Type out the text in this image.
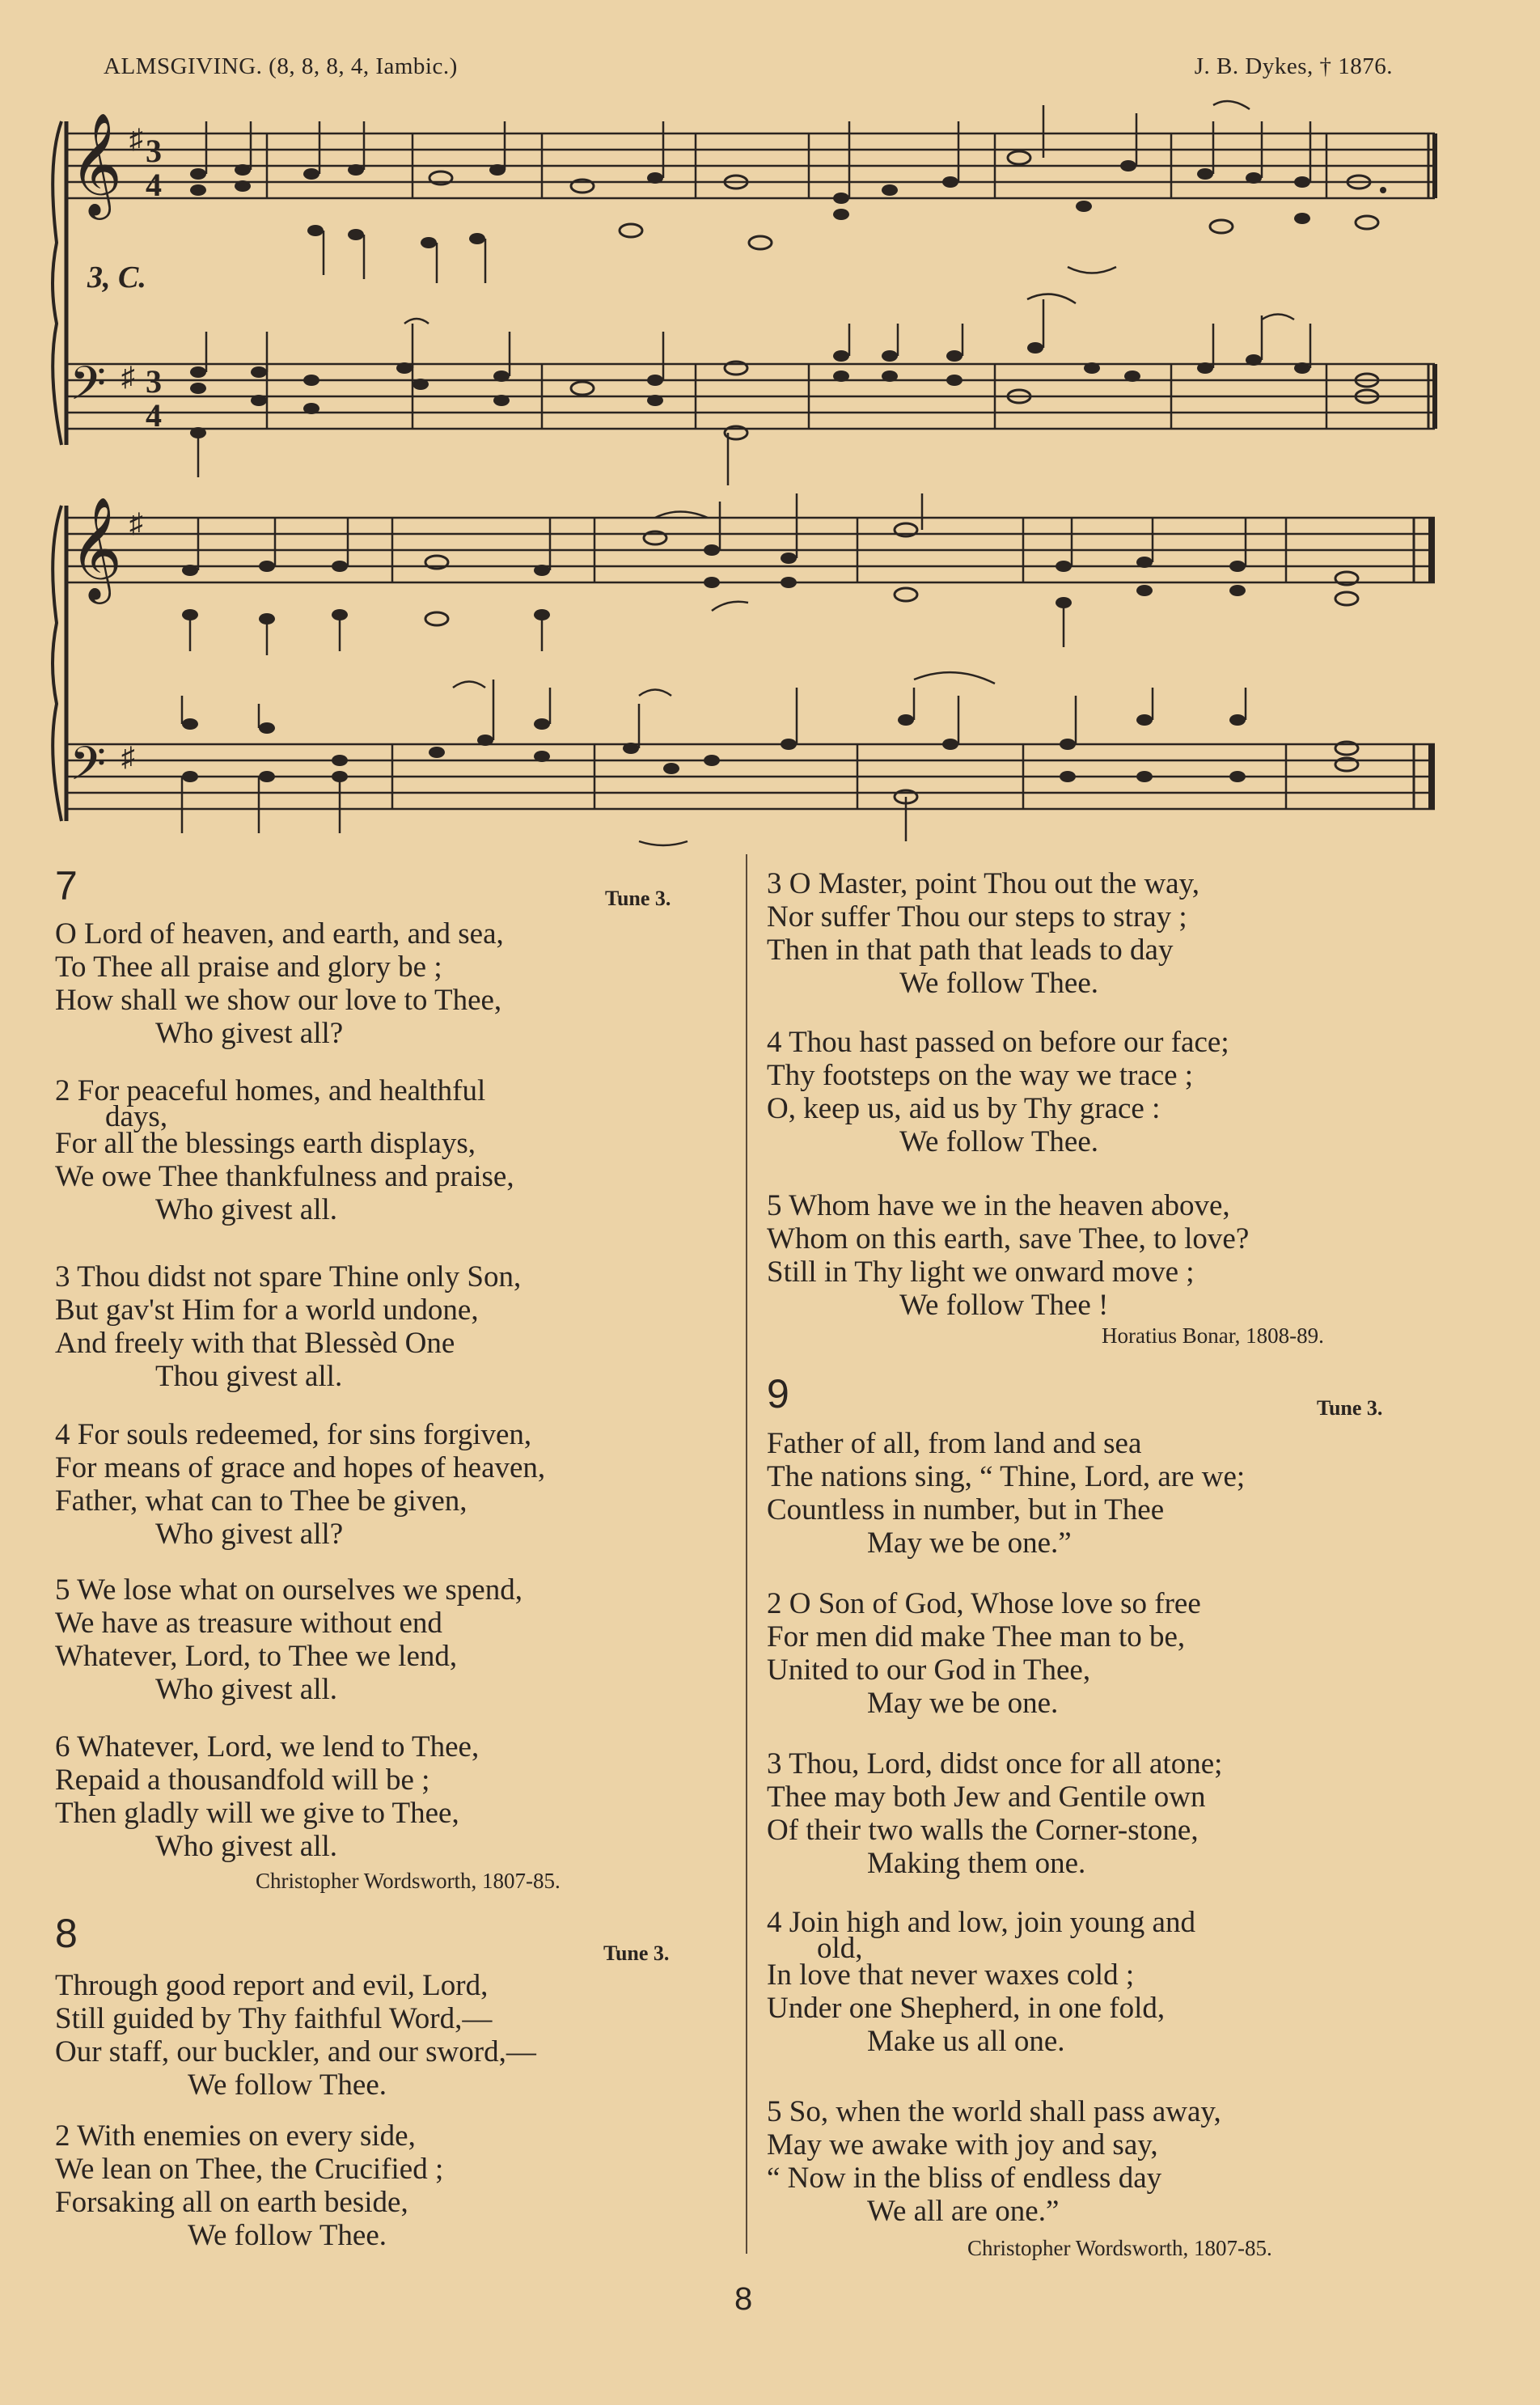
ALMSGIVING. (8, 8, 8, 4, Iambic.)	J. B. Dykes, † 1876.
𝄞
𝄢
♯
♯
3
4
3
4
3, C.
𝄞
𝄢
♯
♯
7	Tune 3.
O Lord of heaven, and earth, and sea,
To Thee all praise and glory be ;
How shall we show our love to Thee,
Who givest all?
2 For peaceful homes, and healthful
days,
For all the blessings earth displays,
We owe Thee thankfulness and praise,
Who givest all.
3 Thou didst not spare Thine only Son,
But gav'st Him for a world undone,
And freely with that Blessèd One
Thou givest all.
4 For souls redeemed, for sins forgiven,
For means of grace and hopes of heaven,
Father, what can to Thee be given,
Who givest all?
5 We lose what on ourselves we spend,
We have as treasure without end
Whatever, Lord, to Thee we lend,
Who givest all.
6 Whatever, Lord, we lend to Thee,
Repaid a thousandfold will be ;
Then gladly will we give to Thee,
Who givest all.
Christopher Wordsworth, 1807-85.
8	Tune 3.
Through good report and evil, Lord,
Still guided by Thy faithful Word,—
Our staff, our buckler, and our sword,—
We follow Thee.
2 With enemies on every side,
We lean on Thee, the Crucified ;
Forsaking all on earth beside,
We follow Thee.
3 O Master, point Thou out the way,
Nor suffer Thou our steps to stray ;
Then in that path that leads to day
We follow Thee.
4 Thou hast passed on before our face;
Thy footsteps on the way we trace ;
O, keep us, aid us by Thy grace :
We follow Thee.
5 Whom have we in the heaven above,
Whom on this earth, save Thee, to love?
Still in Thy light we onward move ;
We follow Thee !
Horatius Bonar, 1808-89.
9	Tune 3.
Father of all, from land and sea
The nations sing, “ Thine, Lord, are we;
Countless in number, but in Thee
May we be one.”
2 O Son of God, Whose love so free
For men did make Thee man to be,
United to our God in Thee,
May we be one.
3 Thou, Lord, didst once for all atone;
Thee may both Jew and Gentile own
Of their two walls the Corner-stone,
Making them one.
4 Join high and low, join young and
old,
In love that never waxes cold ;
Under one Shepherd, in one fold,
Make us all one.
5 So, when the world shall pass away,
May we awake with joy and say,
“ Now in the bliss of endless day
We all are one.”
Christopher Wordsworth, 1807-85.
8
